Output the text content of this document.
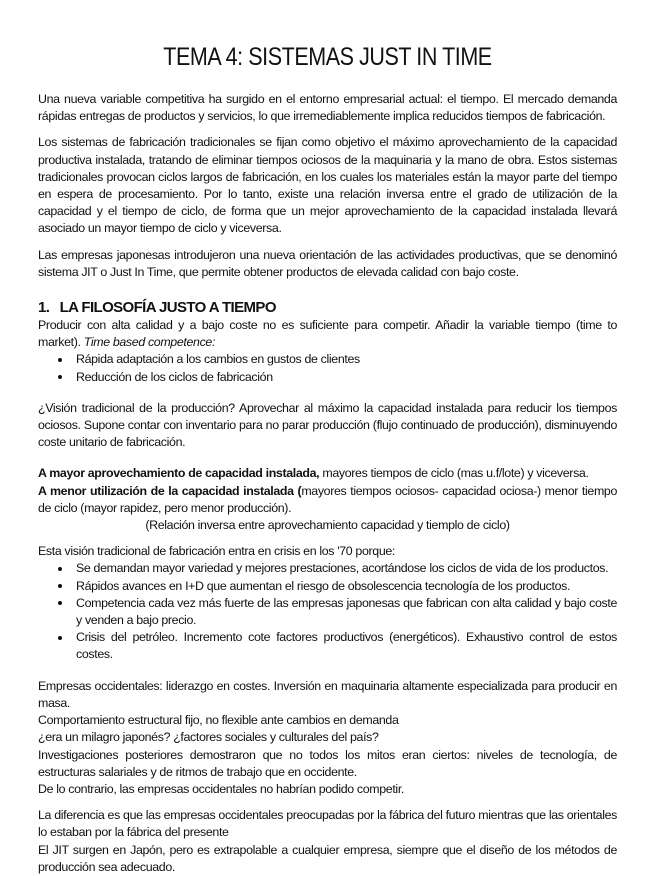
TEMA 4: SISTEMAS JUST IN TIME

Una nueva variable competitiva ha surgido en el entorno empresarial actual: el tiempo. El mercado demanda rápidas entregas de productos y servicios, lo que irremediablemente implica reducidos tiempos de fabricación.

Los sistemas de fabricación tradicionales se fijan como objetivo el máximo aprovechamiento de la capacidad productiva instalada, tratando de eliminar tiempos ociosos de la maquinaria y la mano de obra. Estos sistemas tradicionales provocan ciclos largos de fabricación, en los cuales los materiales están la mayor parte del tiempo en espera de procesamiento. Por lo tanto, existe una relación inversa entre el grado de utilización de la capacidad y el tiempo de ciclo, de forma que un mejor aprovechamiento de la capacidad instalada llevará asociado un mayor tiempo de ciclo y viceversa.

Las empresas japonesas introdujeron una nueva orientación de las actividades productivas, que se denominó sistema JIT o Just In Time, que permite obtener productos de elevada calidad con bajo coste.

1. LA FILOSOFÍA JUSTO A TIEMPO

Producir con alta calidad y a bajo coste no es suficiente para competir. Añadir la variable tiempo (time to market). Time based competence:

Rápida adaptación a los cambios en gustos de clientes
Reducción de los ciclos de fabricación

¿Visión tradicional de la producción? Aprovechar al máximo la capacidad instalada para reducir los tiempos ociosos. Supone contar con inventario para no parar producción (flujo continuado de producción), disminuyendo coste unitario de fabricación.

A mayor aprovechamiento de capacidad instalada, mayores tiempos de ciclo (mas u.f/lote) y viceversa.

A menor utilización de la capacidad instalada (mayores tiempos ociosos- capacidad ociosa-) menor tiempo de ciclo (mayor rapidez, pero menor producción).

(Relación inversa entre aprovechamiento capacidad y tiemplo de ciclo)

Esta visión tradicional de fabricación entra en crisis en los '70 porque:

Se demandan mayor variedad y mejores prestaciones, acortándose los ciclos de vida de los productos.
Rápidos avances en I+D que aumentan el riesgo de obsolescencia tecnología de los productos.
Competencia cada vez más fuerte de las empresas japonesas que fabrican con alta calidad y bajo coste y venden a bajo precio.
Crisis del petróleo. Incremento cote factores productivos (energéticos). Exhaustivo control de estos costes.

Empresas occidentales: liderazgo en costes. Inversión en maquinaria altamente especializada para producir en masa.

Comportamiento estructural fijo, no flexible ante cambios en demanda

¿era un milagro japonés? ¿factores sociales y culturales del país?

Investigaciones posteriores demostraron que no todos los mitos eran ciertos: niveles de tecnología, de estructuras salariales y de ritmos de trabajo que en occidente.

De lo contrario, las empresas occidentales no habrían podido competir.

La diferencia es que las empresas occidentales preocupadas por la fábrica del futuro mientras que las orientales lo estaban por la fábrica del presente

El JIT surgen en Japón, pero es extrapolable a cualquier empresa, siempre que el diseño de los métodos de producción sea adecuado.
